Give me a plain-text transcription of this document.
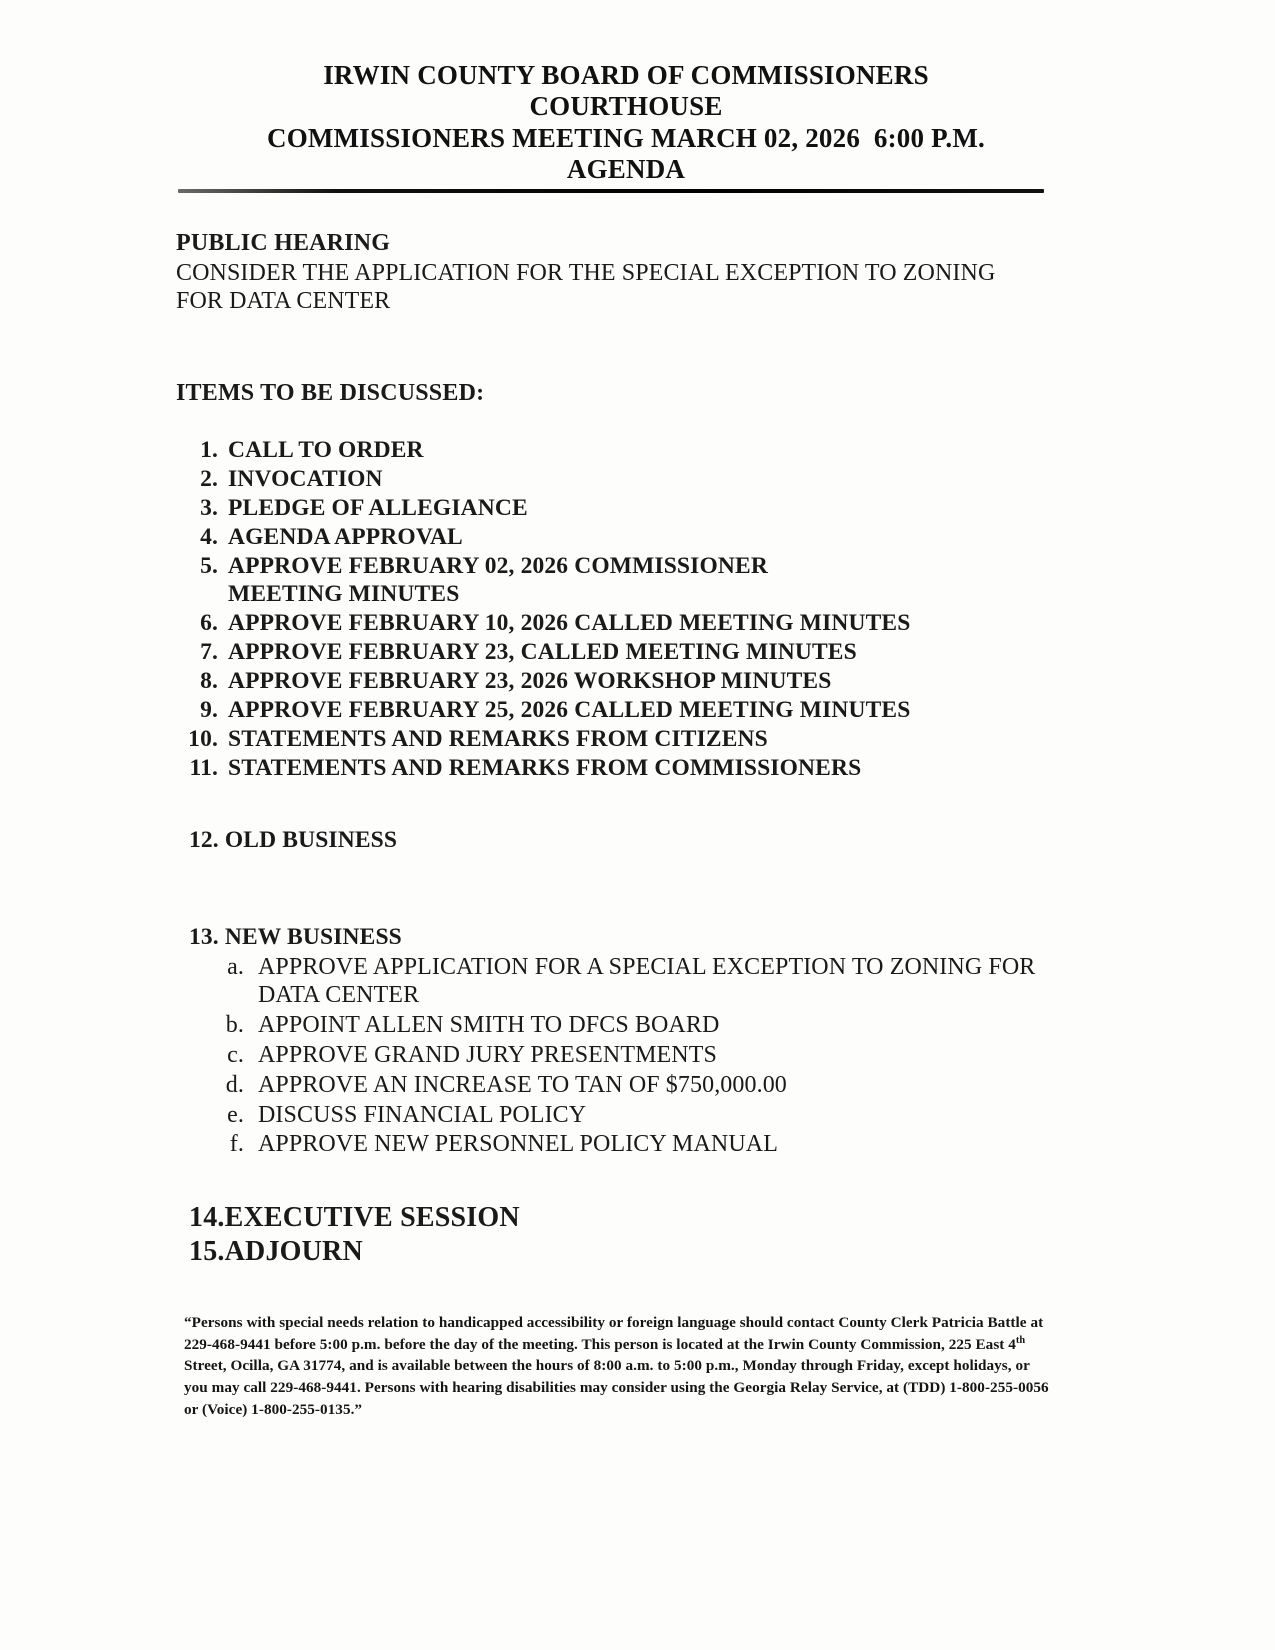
IRWIN COUNTY BOARD OF COMMISSIONERS
COURTHOUSE
COMMISSIONERS MEETING MARCH 02, 2026  6:00 P.M.
AGENDA
PUBLIC HEARING
CONSIDER THE APPLICATION FOR THE SPECIAL EXCEPTION TO ZONING
FOR DATA CENTER
ITEMS TO BE DISCUSSED:
1. CALL TO ORDER
2. INVOCATION
3. PLEDGE OF ALLEGIANCE
4. AGENDA APPROVAL
5. APPROVE FEBRUARY 02, 2026 COMMISSIONER
MEETING MINUTES
6. APPROVE FEBRUARY 10, 2026 CALLED MEETING MINUTES
7. APPROVE FEBRUARY 23, CALLED MEETING MINUTES
8. APPROVE FEBRUARY 23, 2026 WORKSHOP MINUTES
9. APPROVE FEBRUARY 25, 2026 CALLED MEETING MINUTES
10. STATEMENTS AND REMARKS FROM CITIZENS
11. STATEMENTS AND REMARKS FROM COMMISSIONERS
12. OLD BUSINESS
13. NEW BUSINESS
a. APPROVE APPLICATION FOR A SPECIAL EXCEPTION TO ZONING FOR
DATA CENTER
b. APPOINT ALLEN SMITH TO DFCS BOARD
c. APPROVE GRAND JURY PRESENTMENTS
d. APPROVE AN INCREASE TO TAN OF $750,000.00
e. DISCUSS FINANCIAL POLICY
f. APPROVE NEW PERSONNEL POLICY MANUAL
14.EXECUTIVE SESSION
15.ADJOURN
“Persons with special needs relation to handicapped accessibility or foreign language should contact County Clerk Patricia Battle at 229-468-9441 before 5:00 p.m. before the day of the meeting. This person is located at the Irwin County Commission, 225 East 4th Street, Ocilla, GA 31774, and is available between the hours of 8:00 a.m. to 5:00 p.m., Monday through Friday, except holidays, or you may call 229-468-9441. Persons with hearing disabilities may consider using the Georgia Relay Service, at (TDD) 1-800-255-0056 or (Voice) 1-800-255-0135.”
